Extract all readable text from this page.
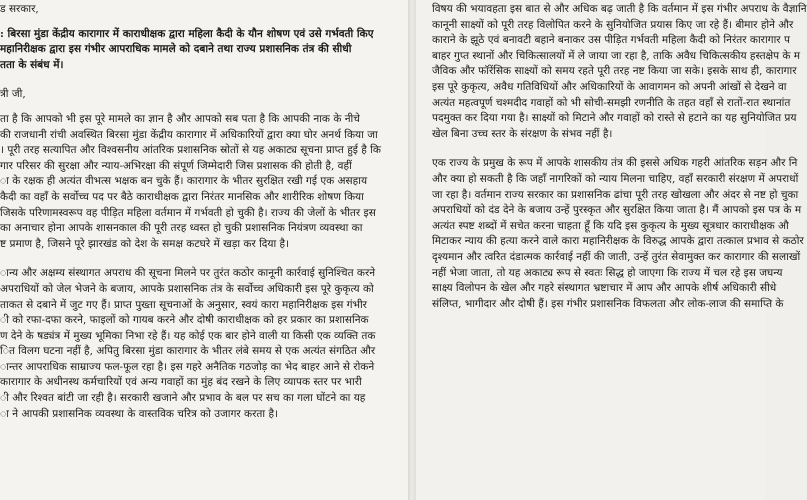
ड सरकार,

: बिरसा मुंडा केंद्रीय कारागार में काराधीक्षक द्वारा महिला कैदी के यौन शोषण एवं उसे गर्भवती किए
महानिरीक्षक द्वारा इस गंभीर आपराधिक मामले को दबाने तथा राज्य प्रशासनिक तंत्र की सीधी
तता के संबंध में।

त्री जी,

ता है कि आपको भी इस पूरे मामले का ज्ञान है और आपको सब पता है कि आपकी नाक के नीचे
की राजधानी रांची अवस्थित बिरसा मुंडा केंद्रीय कारागार में अधिकारियों द्वारा क्या घोर अनर्थ किया जा
। पूरी तरह सत्यापित और विश्वसनीय आंतरिक प्रशासनिक स्रोतों से यह अकाट्य सूचना प्राप्त हुई है कि
गार परिसर की सुरक्षा और न्याय-अभिरक्षा की संपूर्ण जिम्मेदारी जिस प्रशासक की होती है, वहीं
ा के रक्षक ही अत्यंत वीभत्स भक्षक बन चुके हैं। कारागार के भीतर सुरक्षित रखी गई एक असहाय
कैदी का वहाँ के सर्वोच्च पद पर बैठे काराधीक्षक द्वारा निरंतर मानसिक और शारीरिक शोषण किया
जिसके परिणामस्वरूप वह पीड़ित महिला वर्तमान में गर्भवती हो चुकी है। राज्य की जेलों के भीतर इस
का अनाचार होना आपके शासनकाल की पूरी तरह ध्वस्त हो चुकी प्रशासनिक नियंत्रण व्यवस्था का
ष्ट प्रमाण है, जिसने पूरे झारखंड को देश के समक्ष कटघरे में खड़ा कर दिया है।

ान्य और अक्षम्य संस्थागत अपराध की सूचना मिलने पर तुरंत कठोर कानूनी कार्रवाई सुनिश्चित करने
अपराधियों को जेल भेजने के बजाय, आपके प्रशासनिक तंत्र के सर्वोच्च अधिकारी इस पूरे कुकृत्य को
ताकत से दबाने में जुट गए हैं। प्राप्त पुख्ता सूचनाओं के अनुसार, स्वयं कारा महानिरीक्षक इस गंभीर
ी को रफा-दफा करने, फाइलों को गायब करने और दोषी काराधीक्षक को हर प्रकार का प्रशासनिक
ण देने के षड्यंत्र में मुख्य भूमिका निभा रहे हैं। यह कोई एक बार होने वाली या किसी एक व्यक्ति तक
ित विलग घटना नहीं है, अपितु बिरसा मुंडा कारागार के भीतर लंबे समय से एक अत्यंत संगठित और
ान्तर आपराधिक साम्राज्य फल-फूल रहा है। इस गहरे अनैतिक गठजोड़ का भेद बाहर आने से रोकने
कारागार के अधीनस्थ कर्मचारियों एवं अन्य गवाहों का मुंह बंद रखने के लिए व्यापक स्तर पर भारी
ी और रिश्वत बांटी जा रही है। सरकारी खजाने और प्रभाव के बल पर सच का गला घोंटने का यह
ा ने आपकी प्रशासनिक व्यवस्था के वास्तविक चरित्र को उजागर करता है।

विषय की भयावहता इस बात से और अधिक बढ़ जाती है कि वर्तमान में इस गंभीर अपराध के वैज्ञानि
कानूनी साक्ष्यों को पूरी तरह विलोपित करने के सुनियोजित प्रयास किए जा रहे हैं। बीमार होने और
काराने के झूठे एवं बनावटी बहाने बनाकर उस पीड़ित गर्भवती महिला कैदी को निरंतर कारागार प
बाहर गुप्त स्थानों और चिकित्सालयों में ले जाया जा रहा है, ताकि अवैध चिकित्सकीय हस्तक्षेप के म
जैविक और फॉरेंसिक साक्ष्यों को समय रहते पूरी तरह नष्ट किया जा सके। इसके साथ ही, कारागार
इस पूरे कुकृत्य, अवैध गतिविधियों और अधिकारियों के आवागमन को अपनी आंखों से देखने वा
अत्यंत महत्वपूर्ण चश्मदीद गवाहों को भी सोची-समझी रणनीति के तहत वहाँ से रातों-रात स्थानांत
पदमुक्त कर दिया गया है। साक्ष्यों को मिटाने और गवाहों को रास्ते से हटाने का यह सुनियोजित प्रय
खेल बिना उच्च स्तर के संरक्षण के संभव नहीं है।

एक राज्य के प्रमुख के रूप में आपके शासकीय तंत्र की इससे अधिक गहरी आंतरिक सड़न और नि
और क्या हो सकती है कि जहाँ नागरिकों को न्याय मिलना चाहिए, वहाँ सरकारी संरक्षण में अपराधों
जा रहा है। वर्तमान राज्य सरकार का प्रशासनिक ढांचा पूरी तरह खोखला और अंदर से नष्ट हो चुका
अपराधियों को दंड देने के बजाय उन्हें पुरस्कृत और सुरक्षित किया जाता है। मैं आपको इस पत्र के म
अत्यंत स्पष्ट शब्दों में सचेत करना चाहता हूँ कि यदि इस कुकृत्य के मुख्य सूत्रधार काराधीक्षक औ
मिटाकर न्याय की हत्या करने वाले कारा महानिरीक्षक के विरुद्ध आपके द्वारा तत्काल प्रभाव से कठोर
दृश्यमान और त्वरित दंडात्मक कार्रवाई नहीं की जाती, उन्हें तुरंत सेवामुक्त कर कारागार की सलाखों
नहीं भेजा जाता, तो यह अकाट्य रूप से स्वतः सिद्ध हो जाएगा कि राज्य में चल रहे इस जघन्य
साक्ष्य विलोपन के खेल और गहरे संस्थागत भ्रष्टाचार में आप और आपके शीर्ष अधिकारी सीधे
संलिप्त, भागीदार और दोषी हैं। इस गंभीर प्रशासनिक विफलता और लोक-लाज की समाप्ति के
